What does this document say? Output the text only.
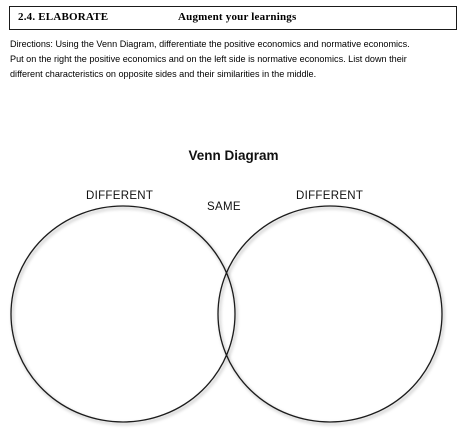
2.4. ELABORATE	Augment your learnings

Directions: Using the Venn Diagram, differentiate the positive economics and normative economics.
Put on the right the positive economics and on the left side is normative economics. List down their
different characteristics on opposite sides and their similarities in the middle.

Venn Diagram
DIFFERENT
SAME
DIFFERENT
